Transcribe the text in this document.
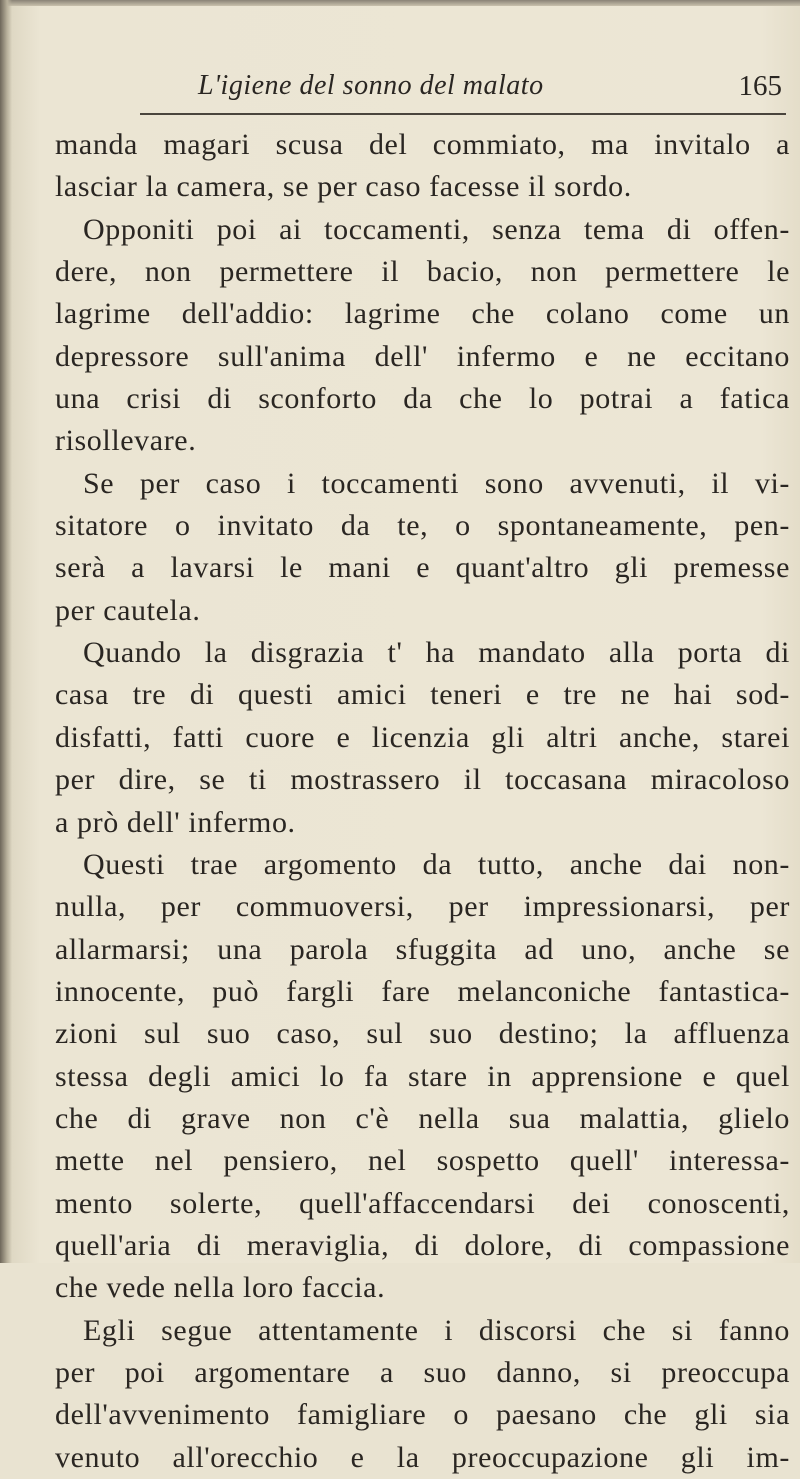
L'igiene del sonno del malato	165
manda magari scusa del commiato, ma invitalo a
lasciar la camera, se per caso facesse il sordo.
Opponiti poi ai toccamenti, senza tema di offen-
dere, non permettere il bacio, non permettere le
lagrime dell'addio: lagrime che colano come un
depressore sull'anima dell' infermo e ne eccitano
una crisi di sconforto da che lo potrai a fatica
risollevare.
Se per caso i toccamenti sono avvenuti, il vi-
sitatore o invitato da te, o spontaneamente, pen-
serà a lavarsi le mani e quant'altro gli premesse
per cautela.
Quando la disgrazia t' ha mandato alla porta di
casa tre di questi amici teneri e tre ne hai sod-
disfatti, fatti cuore e licenzia gli altri anche, starei
per dire, se ti mostrassero il toccasana miracoloso
a prò dell' infermo.
Questi trae argomento da tutto, anche dai non-
nulla, per commuoversi, per impressionarsi, per
allarmarsi; una parola sfuggita ad uno, anche se
innocente, può fargli fare melanconiche fantastica-
zioni sul suo caso, sul suo destino; la affluenza
stessa degli amici lo fa stare in apprensione e quel
che di grave non c'è nella sua malattia, glielo
mette nel pensiero, nel sospetto quell' interessa-
mento solerte, quell'affaccendarsi dei conoscenti,
quell'aria di meraviglia, di dolore, di compassione
che vede nella loro faccia.
Egli segue attentamente i discorsi che si fanno
per poi argomentare a suo danno, si preoccupa
dell'avvenimento famigliare o paesano che gli sia
venuto all'orecchio e la preoccupazione gli im-
